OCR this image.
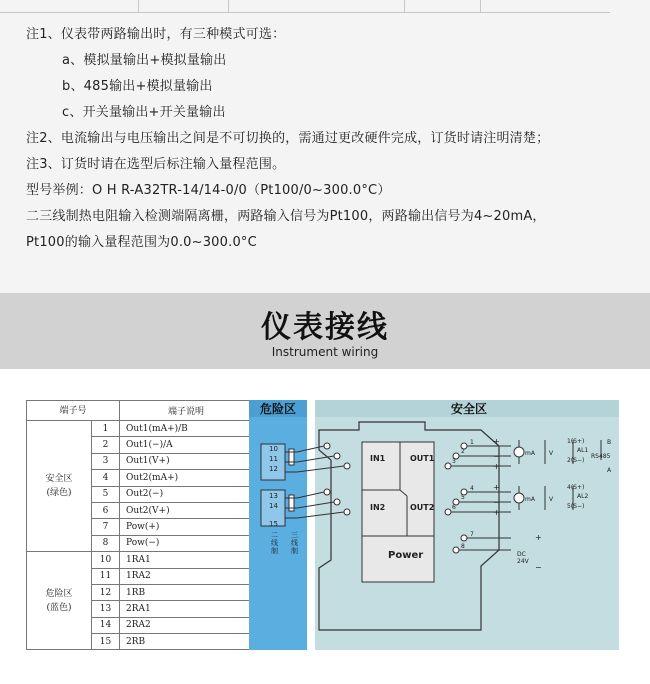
注1、仪表带两路输出时，有三种模式可选：
a、模拟量输出+模拟量输出
b、485输出+模拟量输出
c、开关量输出+开关量输出
注2、电流输出与电压输出之间是不可切换的，需通过更改硬件完成，订货时请注明清楚；
注3、订货时请在选型后标注输入量程范围。
型号举例：O H R-A32TR-14/14-0/0（Pt100/0~300.0°C）
二三线制热电阻输入检测端隔离栅，两路输入信号为Pt100，两路输出信号为4~20mA，
Pt100的输入量程范围为0.0~300.0°C
仪表接线
Instrument wiring
端子号		端子说明
安全区
(绿色)	1	Out1(mA+)/B
	2	Out1(−)/A
	3	Out1(V+)
	4	Out2(mA+)
	5	Out2(−)
	6	Out2(V+)
	7	Pow(+)
	8	Pow(−)
危险区
(蓝色)	10	1RA1
	11	1RA2
	12	1RB
	13	2RA1
	14	2RA2
	15	2RB
危险区	安全区
10
11
12
13
14
15
二线制
三线制
IN1	OUT1
IN2	OUT2
Power
1
2
3
4
5
6
7
8
+
−
+
+
−
+
+
−
mA
mA
V
V
1(S+)
AL1
2(S−)
4(S+)
AL2
5(S−)
RS485
B
A
DC
24V
